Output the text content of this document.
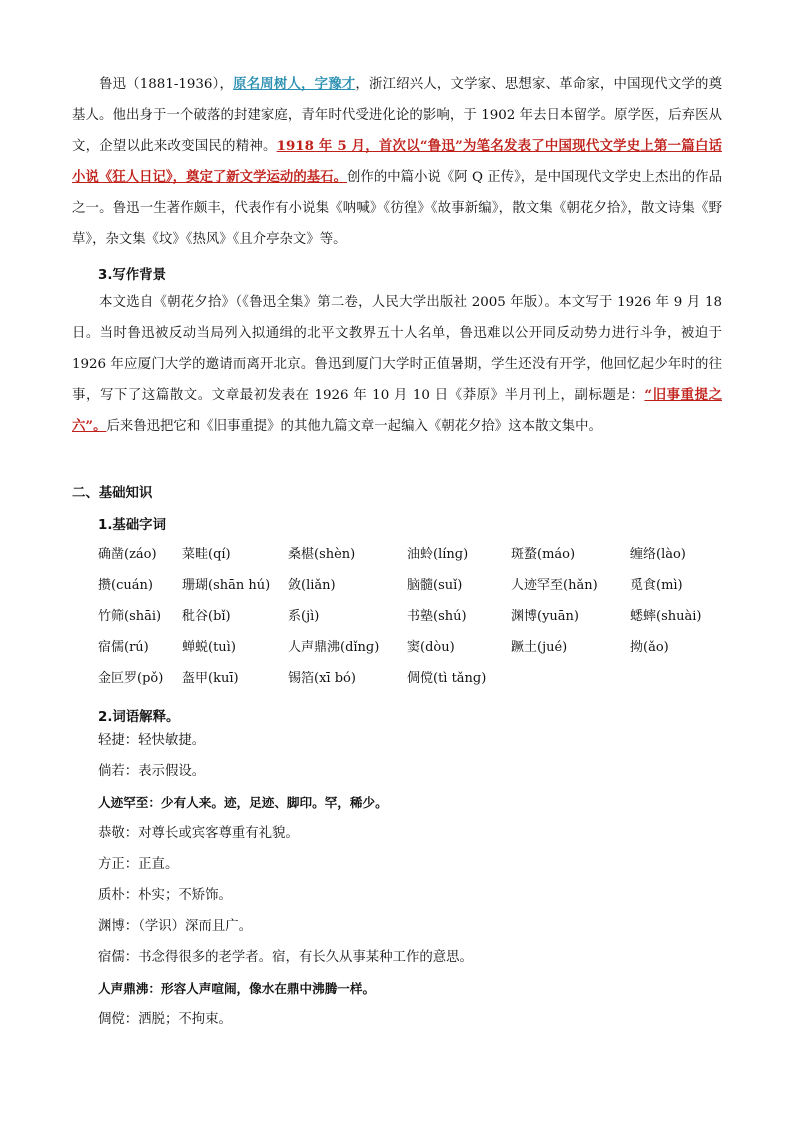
鲁迅（1881-1936），原名周树人，字豫才，浙江绍兴人，文学家、思想家、革命家，中国现代文学的奠基人。他出身于一个破落的封建家庭，青年时代受进化论的影响，于 1902 年去日本留学。原学医，后弃医从文，企望以此来改变国民的精神。1918 年 5 月，首次以“鲁迅”为笔名发表了中国现代文学史上第一篇白话小说《狂人日记》，奠定了新文学运动的基石。创作的中篇小说《阿 Q 正传》，是中国现代文学史上杰出的作品之一。鲁迅一生著作颇丰，代表作有小说集《呐喊》《彷徨》《故事新编》，散文集《朝花夕拾》，散文诗集《野草》，杂文集《坟》《热风》《且介亭杂文》等。

3.写作背景

本文选自《朝花夕拾》（《鲁迅全集》第二卷，人民大学出版社 2005 年版）。本文写于 1926 年 9 月 18 日。当时鲁迅被反动当局列入拟通缉的北平文教界五十人名单，鲁迅难以公开同反动势力进行斗争，被迫于 1926 年应厦门大学的邀请而离开北京。鲁迅到厦门大学时正值暑期，学生还没有开学，他回忆起少年时的往事，写下了这篇散文。文章最初发表在 1926 年 10 月 10 日《莽原》半月刊上，副标题是：“旧事重提之六”。后来鲁迅把它和《旧事重提》的其他九篇文章一起编入《朝花夕拾》这本散文集中。

二、基础知识
1.基础字词
确凿(záo) 菜畦(qí)	桑椹(shèn)	油蛉(línɡ)	斑蝥(máo)	缠络(lào)
攒(cuán) 珊瑚(shān hú) 敛(liǎn)	脑髓(suǐ)	人迹罕至(hǎn) 觅食(mì)
竹筛(shāi) 秕谷(bǐ)	系(jì)	书塾(shú)	渊博(yuān)	蟋蟀(shuài)
宿儒(rú)	蝉蜕(tuì)	人声鼎沸(dǐnɡ) 窦(dòu)	蹶土(jué)	拗(ǎo)
金叵罗(pǒ) 盔甲(kuī)	锡箔(xī bó)	倜傥(tì tǎnɡ)
2.词语解释。
轻捷：轻快敏捷。
倘若：表示假设。
人迹罕至：少有人来。迹，足迹、脚印。罕，稀少。
恭敬：对尊长或宾客尊重有礼貌。
方正：正直。
质朴：朴实；不矫饰。
渊博：（学识）深而且广。
宿儒：书念得很多的老学者。宿，有长久从事某种工作的意思。
人声鼎沸：形容人声喧闹，像水在鼎中沸腾一样。
倜傥：洒脱；不拘束。
